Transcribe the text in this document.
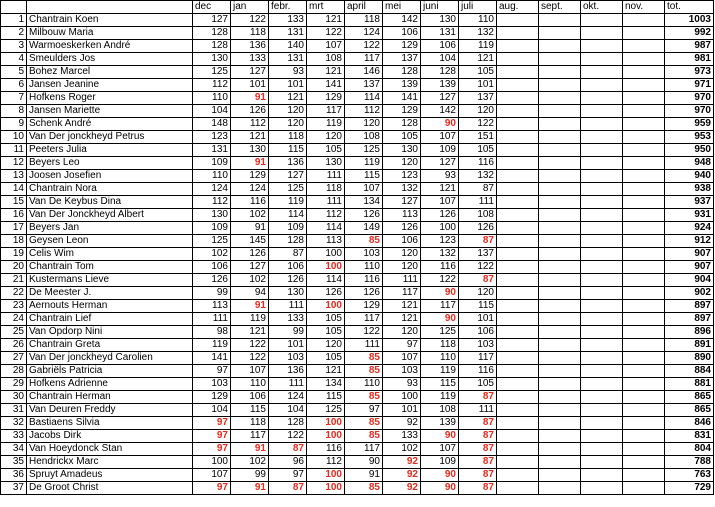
		dec	jan	febr.	mrt	april	mei	juni	juli	aug.	sept.	okt.	nov.	tot.
1	Chantrain Koen	127	122	133	121	118	142	130	110					1003
2	Milbouw Maria	128	118	131	122	124	106	131	132					992
3	Warmoeskerken André	128	136	140	107	122	129	106	119					987
4	Smeulders Jos	130	133	131	108	117	137	104	121					981
5	Bohez Marcel	125	127	93	121	146	128	128	105					973
6	Jansen Jeanine	112	101	101	141	137	139	139	101					971
7	Hofkens Roger	110	91	121	129	114	141	127	137					970
8	Jansen Mariette	104	126	120	117	112	129	142	120					970
9	Schenk André	148	112	120	119	120	128	90	122					959
10	Van Der jonckheyd Petrus	123	121	118	120	108	105	107	151					953
11	Peeters Julia	131	130	115	105	125	130	109	105					950
12	Beyers Leo	109	91	136	130	119	120	127	116					948
13	Joosen Josefien	110	129	127	111	115	123	93	132					940
14	Chantrain Nora	124	124	125	118	107	132	121	87					938
15	Van De Keybus Dina	112	116	119	111	134	127	107	111					937
16	Van Der Jonckheyd Albert	130	102	114	112	126	113	126	108					931
17	Beyers Jan	109	91	109	114	149	126	100	126					924
18	Geysen Leon	125	145	128	113	85	106	123	87					912
19	Celis Wim	102	126	87	100	103	120	132	137					907
20	Chantrain Tom	106	127	106	100	110	120	116	122					907
21	Kustermans Lieve	126	102	126	114	116	111	122	87					904
22	De Meester J.	99	94	130	126	126	117	90	120					902
23	Aernouts Herman	113	91	111	100	129	121	117	115					897
24	Chantrain Lief	111	119	133	105	117	121	90	101					897
25	Van Opdorp Nini	98	121	99	105	122	120	125	106					896
26	Chantrain Greta	119	122	101	120	111	97	118	103					891
27	Van Der jonckheyd Carolien	141	122	103	105	85	107	110	117					890
28	Gabriëls Patricia	97	107	136	121	85	103	119	116					884
29	Hofkens Adrienne	103	110	111	134	110	93	115	105					881
30	Chantrain Herman	129	106	124	115	85	100	119	87					865
31	Van Deuren Freddy	104	115	104	125	97	101	108	111					865
32	Bastiaens Silvia	97	118	128	100	85	92	139	87					846
33	Jacobs Dirk	97	117	122	100	85	133	90	87					831
34	Van Hoeydonck Stan	97	91	87	116	117	102	107	87					804
35	Hendrickx Marc	100	102	96	112	90	92	109	87					788
36	Spruyt Amadeus	107	99	97	100	91	92	90	87					763
37	De Groot Christ	97	91	87	100	85	92	90	87					729
